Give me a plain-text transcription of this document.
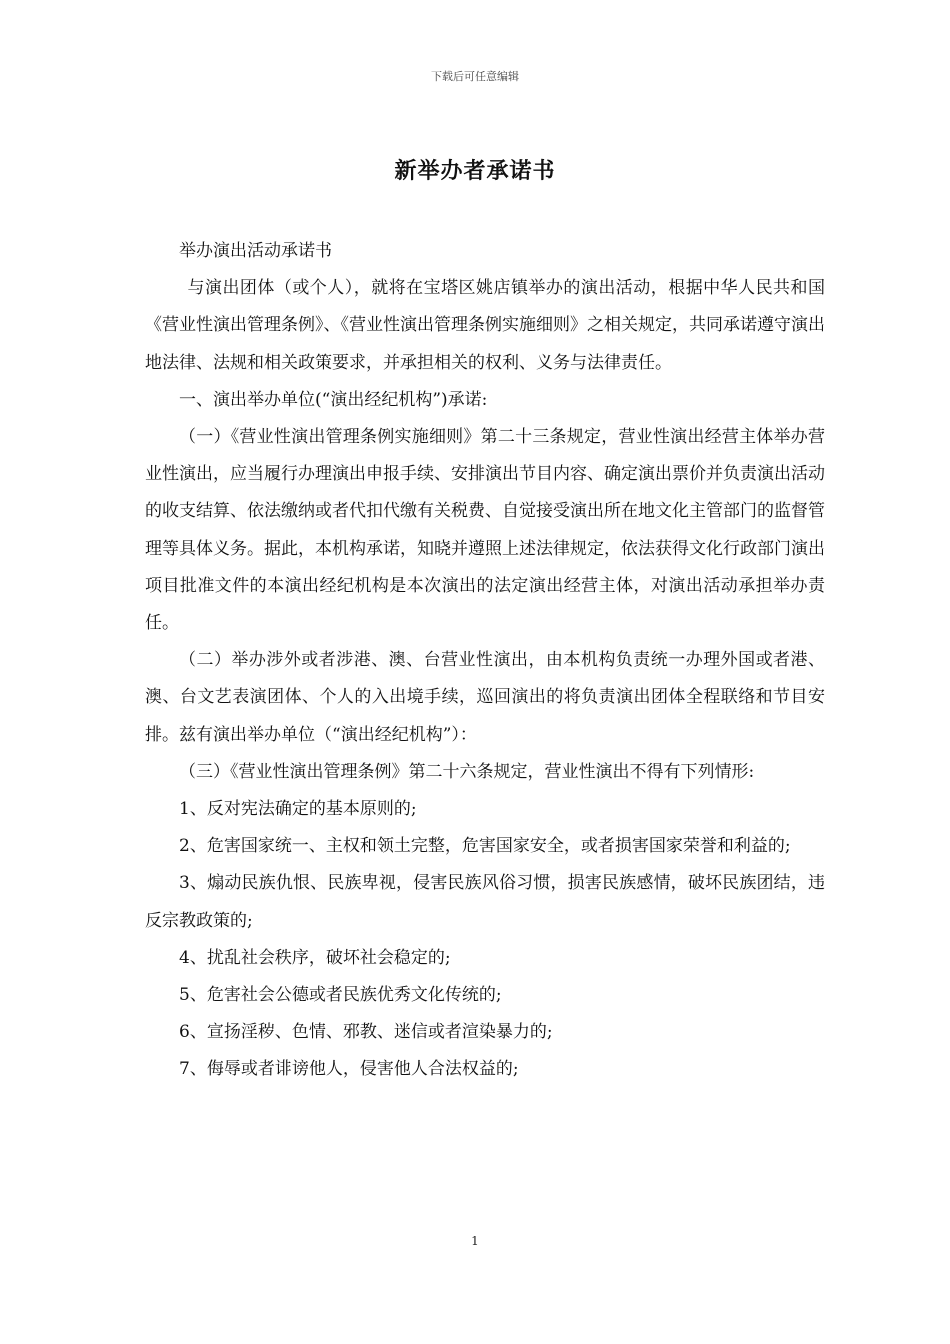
下载后可任意编辑
新举办者承诺书

举办演出活动承诺书

与演出团体（或个人），就将在宝塔区姚店镇举办的演出活动，根据中华人民共和国《营业性演出管理条例》、《营业性演出管理条例实施细则》之相关规定，共同承诺遵守演出地法律、法规和相关政策要求，并承担相关的权利、义务与法律责任。

一、演出举办单位(“演出经纪机构”)承诺:

（一）《营业性演出管理条例实施细则》第二十三条规定，营业性演出经营主体举办营业性演出，应当履行办理演出申报手续、安排演出节目内容、确定演出票价并负责演出活动的收支结算、依法缴纳或者代扣代缴有关税费、自觉接受演出所在地文化主管部门的监督管理等具体义务。据此，本机构承诺，知晓并遵照上述法律规定，依法获得文化行政部门演出项目批准文件的本演出经纪机构是本次演出的法定演出经营主体，对演出活动承担举办责任。

（二）举办涉外或者涉港、澳、台营业性演出，由本机构负责统一办理外国或者港、澳、台文艺表演团体、个人的入出境手续，巡回演出的将负责演出团体全程联络和节目安排。兹有演出举办单位（“演出经纪机构”）：

（三）《营业性演出管理条例》第二十六条规定，营业性演出不得有下列情形:

1、反对宪法确定的基本原则的;

2、危害国家统一、主权和领土完整，危害国家安全，或者损害国家荣誉和利益的;

3、煽动民族仇恨、民族卑视，侵害民族风俗习惯，损害民族感情，破坏民族团结，违反宗教政策的;

4、扰乱社会秩序，破坏社会稳定的;

5、危害社会公德或者民族优秀文化传统的;

6、宣扬淫秽、色情、邪教、迷信或者渲染暴力的;

7、侮辱或者诽谤他人，侵害他人合法权益的;

1
